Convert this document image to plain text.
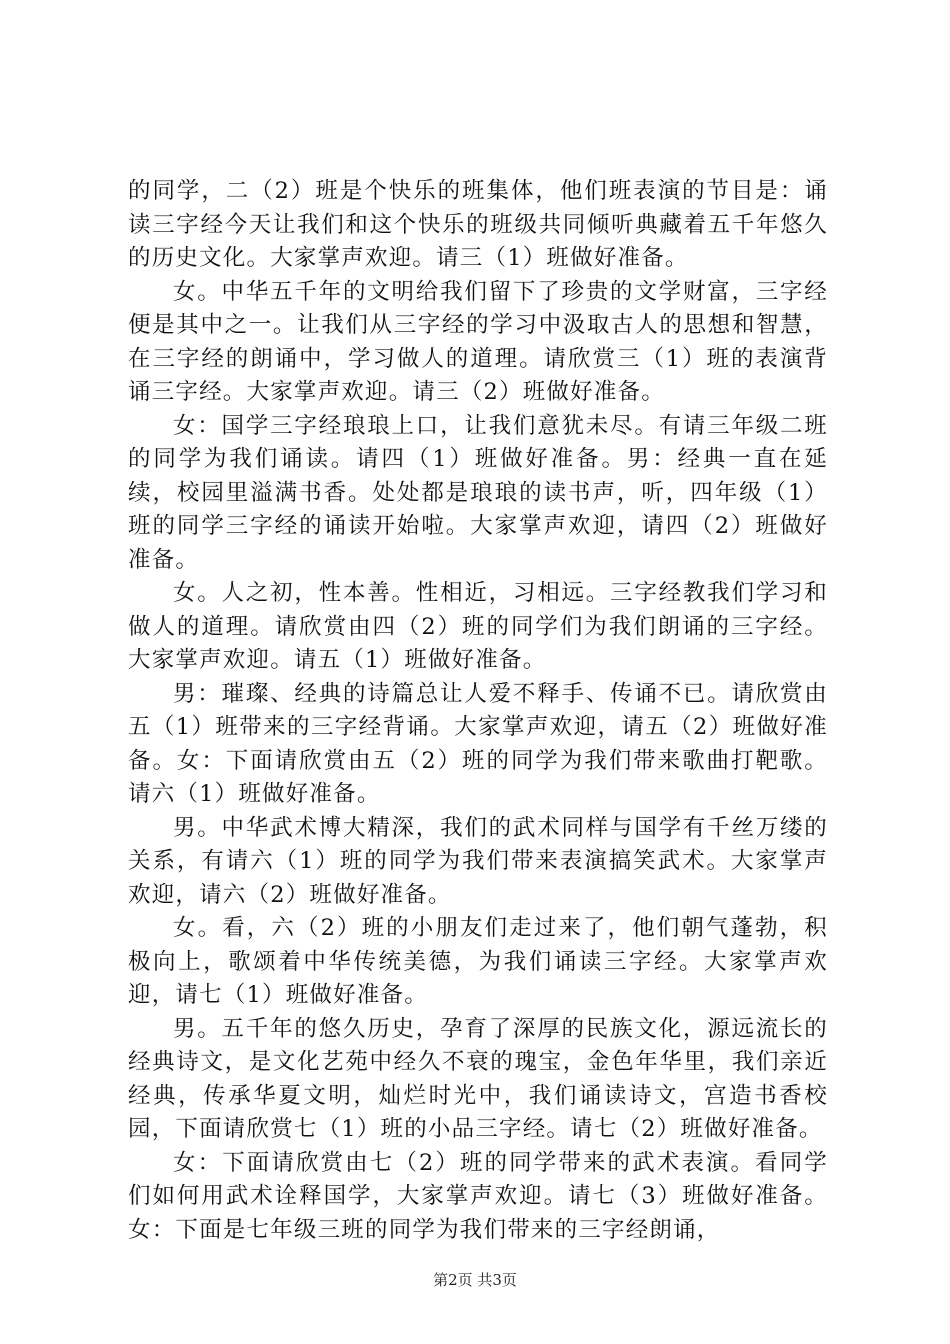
的同学，二（2）班是个快乐的班集体，他们班表演的节目是：诵读三字经今天让我们和这个快乐的班级共同倾听典藏着五千年悠久的历史文化。大家掌声欢迎。请三（1）班做好准备。

女。中华五千年的文明给我们留下了珍贵的文学财富，三字经便是其中之一。让我们从三字经的学习中汲取古人的思想和智慧，在三字经的朗诵中，学习做人的道理。请欣赏三（1）班的表演背诵三字经。大家掌声欢迎。请三（2）班做好准备。

女：国学三字经琅琅上口，让我们意犹未尽。有请三年级二班的同学为我们诵读。请四（1）班做好准备。男：经典一直在延续，校园里溢满书香。处处都是琅琅的读书声，听，四年级（1）班的同学三字经的诵读开始啦。大家掌声欢迎，请四（2）班做好准备。

女。人之初，性本善。性相近，习相远。三字经教我们学习和做人的道理。请欣赏由四（2）班的同学们为我们朗诵的三字经。大家掌声欢迎。请五（1）班做好准备。

男：璀璨、经典的诗篇总让人爱不释手、传诵不已。请欣赏由五（1）班带来的三字经背诵。大家掌声欢迎，请五（2）班做好准备。女：下面请欣赏由五（2）班的同学为我们带来歌曲打靶歌。请六（1）班做好准备。

男。中华武术博大精深，我们的武术同样与国学有千丝万缕的关系，有请六（1）班的同学为我们带来表演搞笑武术。大家掌声欢迎，请六（2）班做好准备。

女。看，六（2）班的小朋友们走过来了，他们朝气蓬勃，积极向上，歌颂着中华传统美德，为我们诵读三字经。大家掌声欢迎，请七（1）班做好准备。

男。五千年的悠久历史，孕育了深厚的民族文化，源远流长的经典诗文，是文化艺苑中经久不衰的瑰宝，金色年华里，我们亲近经典，传承华夏文明，灿烂时光中，我们诵读诗文，宫造书香校园，下面请欣赏七（1）班的小品三字经。请七（2）班做好准备。

女：下面请欣赏由七（2）班的同学带来的武术表演。看同学们如何用武术诠释国学，大家掌声欢迎。请七（3）班做好准备。女：下面是七年级三班的同学为我们带来的三字经朗诵，

第2页 共3页
